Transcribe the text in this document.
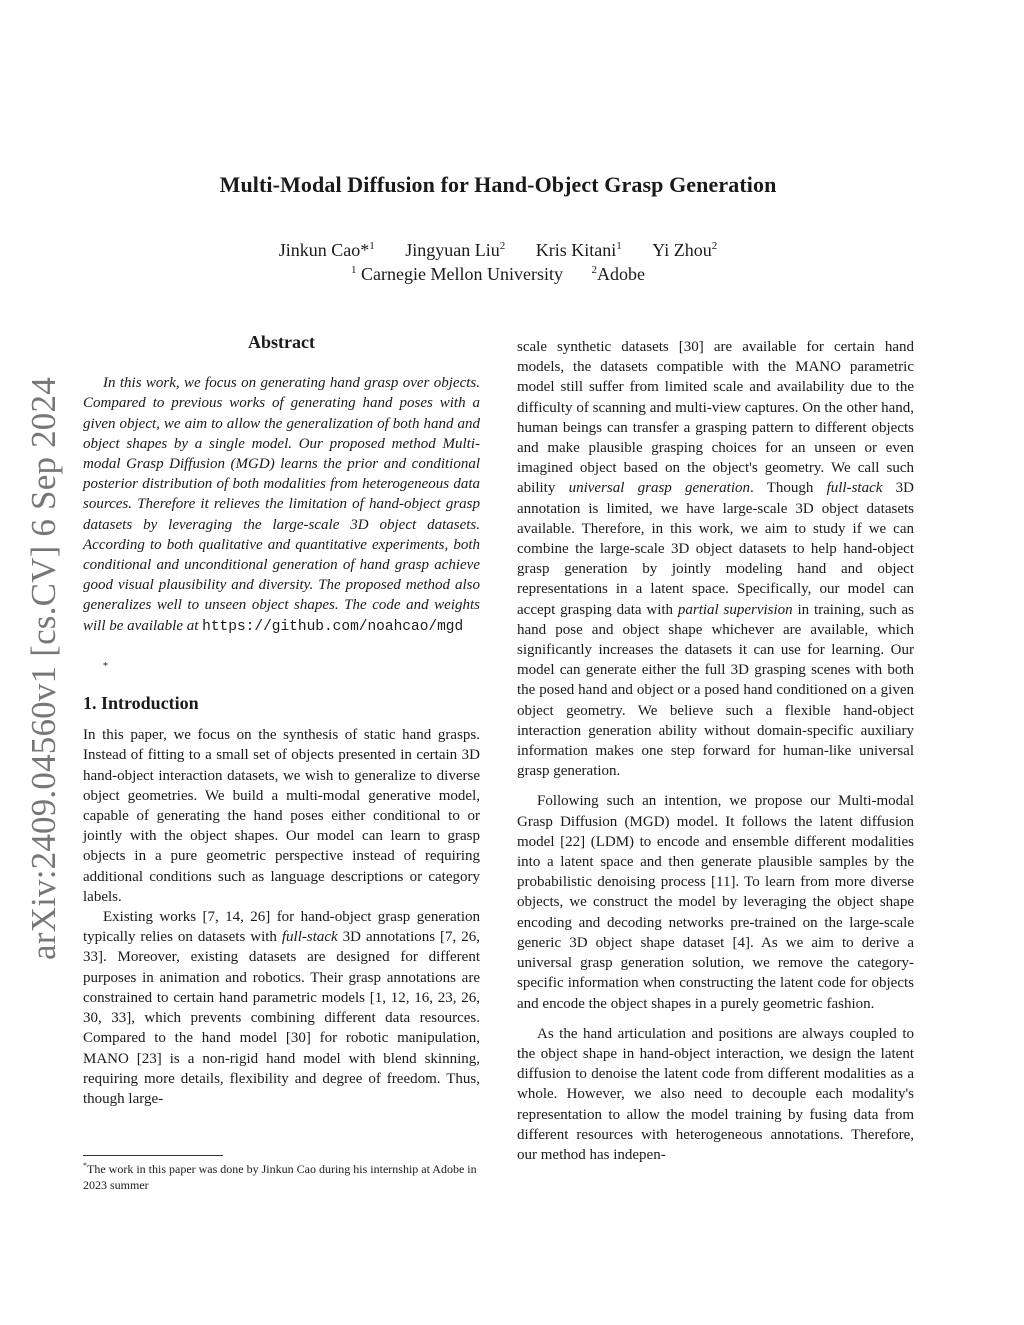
arXiv:2409.04560v1 [cs.CV] 6 Sep 2024
Multi-Modal Diffusion for Hand-Object Grasp Generation
Jinkun Cao*$^1$ Jingyuan Liu$^2$ Kris Kitani$^1$ Yi Zhou$^2$
$^1$ Carnegie Mellon University	$^2$Adobe
Abstract

In this work, we focus on generating hand grasp over objects. Compared to previous works of generating hand poses with a given object, we aim to allow the generalization of both hand and object shapes by a single model. Our proposed method Multi-modal Grasp Diffusion (MGD) learns the prior and conditional posterior distribution of both modalities from heterogeneous data sources. Therefore it relieves the limitation of hand-object grasp datasets by leveraging the large-scale 3D object datasets. According to both qualitative and quantitative experiments, both conditional and unconditional generation of hand grasp achieve good visual plausibility and diversity. The proposed method also generalizes well to unseen object shapes. The code and weights will be available at https://github.com/noahcao/mgd

*
1. Introduction

In this paper, we focus on the synthesis of static hand grasps. Instead of fitting to a small set of objects presented in certain 3D hand-object interaction datasets, we wish to generalize to diverse object geometries. We build a multi-modal generative model, capable of generating the hand poses either conditional to or jointly with the object shapes. Our model can learn to grasp objects in a pure geometric perspective instead of requiring additional conditions such as language descriptions or category labels.

Existing works [7, 14, 26] for hand-object grasp generation typically relies on datasets with full-stack 3D annotations [7, 26, 33]. Moreover, existing datasets are designed for different purposes in animation and robotics. Their grasp annotations are constrained to certain hand parametric models [1, 12, 16, 23, 26, 30, 33], which prevents combining different data resources. Compared to the hand model [30] for robotic manipulation, MANO [23] is a non-rigid hand model with blend skinning, requiring more details, flexibility and degree of freedom. Thus, though large-

scale synthetic datasets [30] are available for certain hand models, the datasets compatible with the MANO parametric model still suffer from limited scale and availability due to the difficulty of scanning and multi-view captures. On the other hand, human beings can transfer a grasping pattern to different objects and make plausible grasping choices for an unseen or even imagined object based on the object's geometry. We call such ability universal grasp generation. Though full-stack 3D annotation is limited, we have large-scale 3D object datasets available. Therefore, in this work, we aim to study if we can combine the large-scale 3D object datasets to help hand-object grasp generation by jointly modeling hand and object representations in a latent space. Specifically, our model can accept grasping data with partial supervision in training, such as hand pose and object shape whichever are available, which significantly increases the datasets it can use for learning. Our model can generate either the full 3D grasping scenes with both the posed hand and object or a posed hand conditioned on a given object geometry. We believe such a flexible hand-object interaction generation ability without domain-specific auxiliary information makes one step forward for human-like universal grasp generation.

Following such an intention, we propose our Multi-modal Grasp Diffusion (MGD) model. It follows the latent diffusion model [22] (LDM) to encode and ensemble different modalities into a latent space and then generate plausible samples by the probabilistic denoising process [11]. To learn from more diverse objects, we construct the model by leveraging the object shape encoding and decoding networks pre-trained on the large-scale generic 3D object shape dataset [4]. As we aim to derive a universal grasp generation solution, we remove the category-specific information when constructing the latent code for objects and encode the object shapes in a purely geometric fashion.

As the hand articulation and positions are always coupled to the object shape in hand-object interaction, we design the latent diffusion to denoise the latent code from different modalities as a whole. However, we also need to decouple each modality's representation to allow the model training by fusing data from different resources with heterogeneous annotations. Therefore, our method has indepen-

*The work in this paper was done by Jinkun Cao during his internship at Adobe in 2023 summer
